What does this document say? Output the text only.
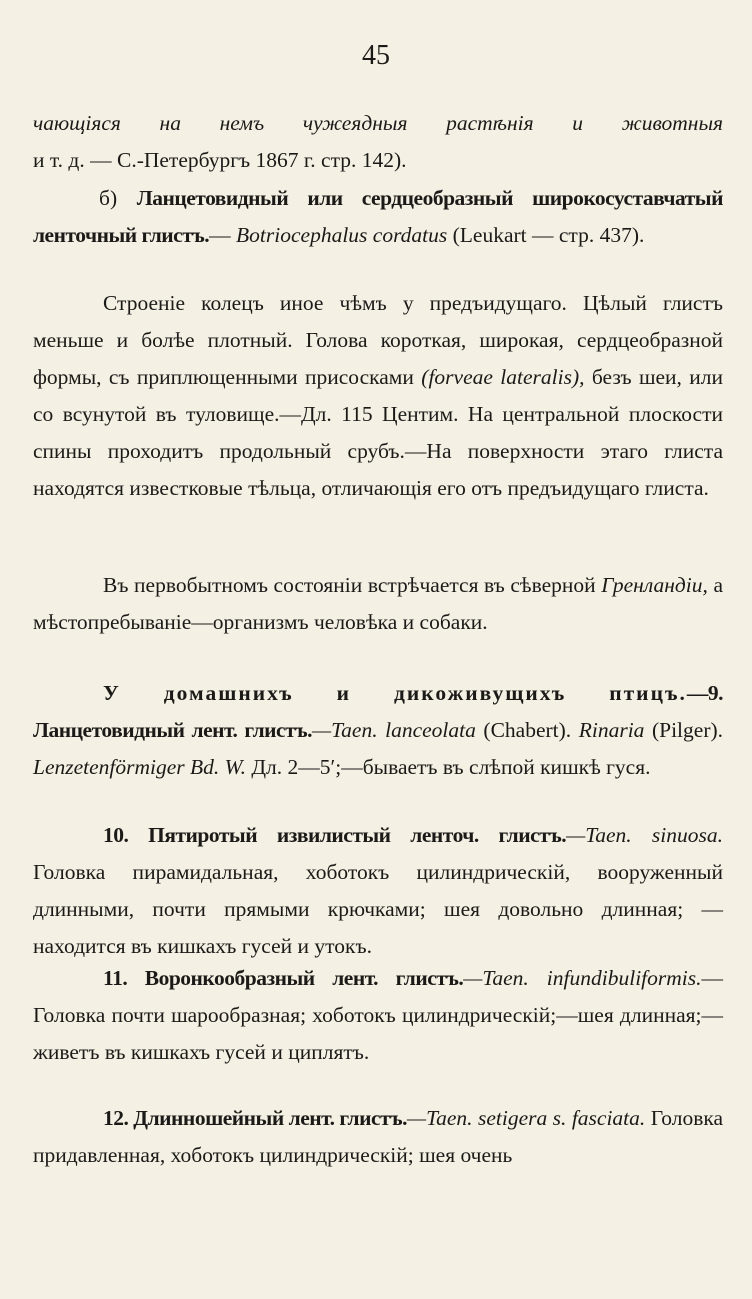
45

чающіяся на немъ чужеядныя растѣнія и животныя

и т. д. — С.-Петербургъ 1867 г. стр. 142).

б) Ланцетовидный или сердцеобразный широкосуставчатый ленточный глистъ.— Botriocephalus cordatus (Leukart — стр. 437).

Строеніе колецъ иное чѣмъ у предъидущаго. Цѣлый глистъ меньше и болѣе плотный. Голова короткая, широкая, сердцеобразной формы, съ приплющенными присосками (forveae lateralis), безъ шеи, или со всунутой въ туловище.—Дл. 115 Центим. На центральной плоскости спины проходитъ продольный срубъ.—На поверхности этаго глиста находятся известковые тѣльца, отличающія его отъ предъидущаго глиста.

Въ первобытномъ состояніи встрѣчается въ сѣверной Гренландіи, а мѣстопребываніе—организмъ человѣка и собаки.

У домашнихъ и дикоживущихъ птицъ.—9. Ланцетовидный лент. глистъ.—Taen. lanceolata (Chabert). Rinaria (Pilger). Lenzetenförmiger Bd. W. Дл. 2—5′;—бываетъ въ слѣпой кишкѣ гуся.

10. Пятиротый извилистый ленточ. глистъ.—Taen. sinuosa. Головка пирамидальная, хоботокъ цилиндрическій, вооруженный длинными, почти прямыми крючками; шея довольно длинная; — находится въ кишкахъ гусей и утокъ.

11. Воронкообразный лент. глистъ.—Taen. infundibuliformis.— Головка почти шарообразная; хоботокъ цилиндрическій;—шея длинная;— живетъ въ кишкахъ гусей и циплятъ.

12. Длинношейный лент. глистъ.—Taen. setigera s. fasciata. Головка придавленная, хоботокъ цилиндрическій; шея очень
